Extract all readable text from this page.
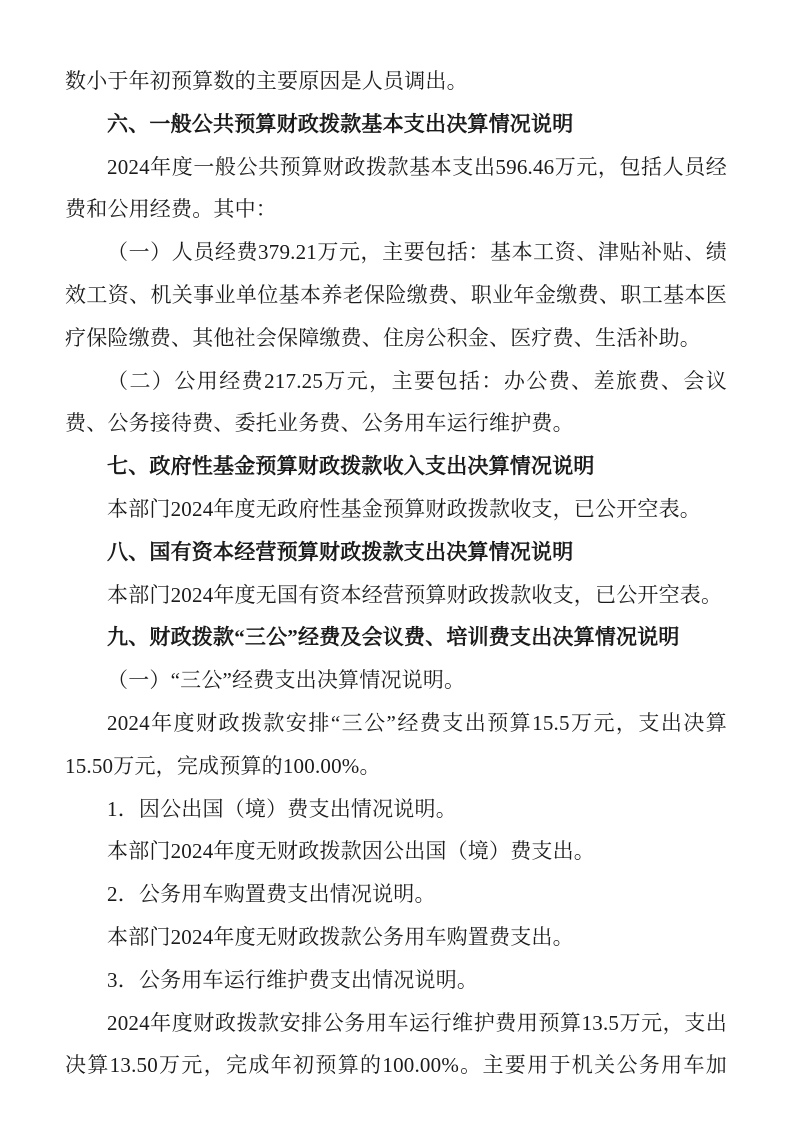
数小于年初预算数的主要原因是人员调出。
六、一般公共预算财政拨款基本支出决算情况说明
2024年度一般公共预算财政拨款基本支出596.46万元，包括人员经
费和公用经费。其中：
（一）人员经费379.21万元，主要包括：基本工资、津贴补贴、绩
效工资、机关事业单位基本养老保险缴费、职业年金缴费、职工基本医
疗保险缴费、其他社会保障缴费、住房公积金、医疗费、生活补助。
（二）公用经费217.25万元，主要包括：办公费、差旅费、会议
费、公务接待费、委托业务费、公务用车运行维护费。
七、政府性基金预算财政拨款收入支出决算情况说明
本部门2024年度无政府性基金预算财政拨款收支，已公开空表。
八、国有资本经营预算财政拨款支出决算情况说明
本部门2024年度无国有资本经营预算财政拨款收支，已公开空表。
九、财政拨款“三公”经费及会议费、培训费支出决算情况说明
（一）“三公”经费支出决算情况说明。
2024年度财政拨款安排“三公”经费支出预算15.5万元，支出决算
15.50万元，完成预算的100.00%。
1．因公出国（境）费支出情况说明。
本部门2024年度无财政拨款因公出国（境）费支出。
2．公务用车购置费支出情况说明。
本部门2024年度无财政拨款公务用车购置费支出。
3．公务用车运行维护费支出情况说明。
2024年度财政拨款安排公务用车运行维护费用预算13.5万元，支出
决算13.50万元，完成年初预算的100.00%。主要用于机关公务用车加
